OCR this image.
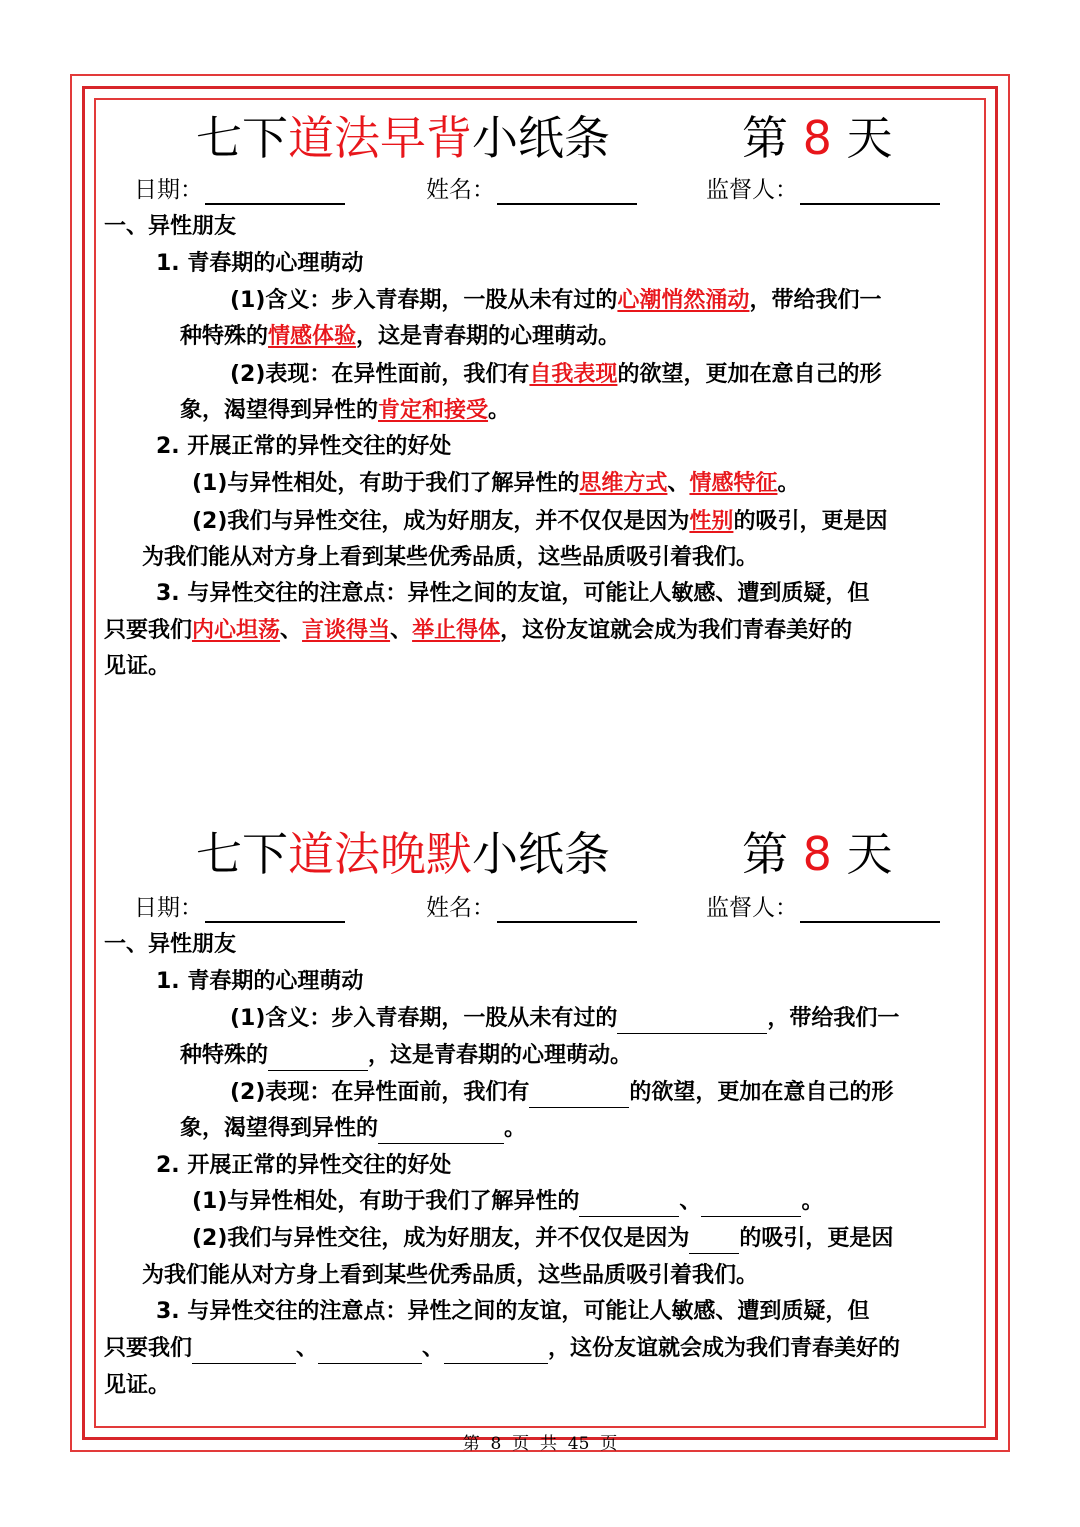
七下道法早背小纸条	第 8 天
日期：	姓名：	监督人：
一、异性朋友
1. 青春期的心理萌动
(1)含义：步入青春期，一股从未有过的心潮悄然涌动，带给我们一
种特殊的情感体验，这是青春期的心理萌动。
(2)表现：在异性面前，我们有自我表现的欲望，更加在意自己的形
象，渴望得到异性的肯定和接受。
2. 开展正常的异性交往的好处
(1)与异性相处，有助于我们了解异性的思维方式、情感特征。
(2)我们与异性交往，成为好朋友，并不仅仅是因为性别的吸引，更是因
为我们能从对方身上看到某些优秀品质，这些品质吸引着我们。
3. 与异性交往的注意点：异性之间的友谊，可能让人敏感、遭到质疑，但
只要我们内心坦荡、言谈得当、举止得体，这份友谊就会成为我们青春美好的
见证。
七下道法晚默小纸条	第 8 天
日期：	姓名：	监督人：
一、异性朋友
1. 青春期的心理萌动
(1)含义：步入青春期，一股从未有过的	，带给我们一
种特殊的	，这是青春期的心理萌动。
(2)表现：在异性面前，我们有	的欲望，更加在意自己的形
象，渴望得到异性的	。
2. 开展正常的异性交往的好处
(1)与异性相处，有助于我们了解异性的	、	。
(2)我们与异性交往，成为好朋友，并不仅仅是因为 的吸引，更是因
为我们能从对方身上看到某些优秀品质，这些品质吸引着我们。
3. 与异性交往的注意点：异性之间的友谊，可能让人敏感、遭到质疑，但
只要我们	、	、	，这份友谊就会成为我们青春美好的
见证。
第  8  页  共  45  页
